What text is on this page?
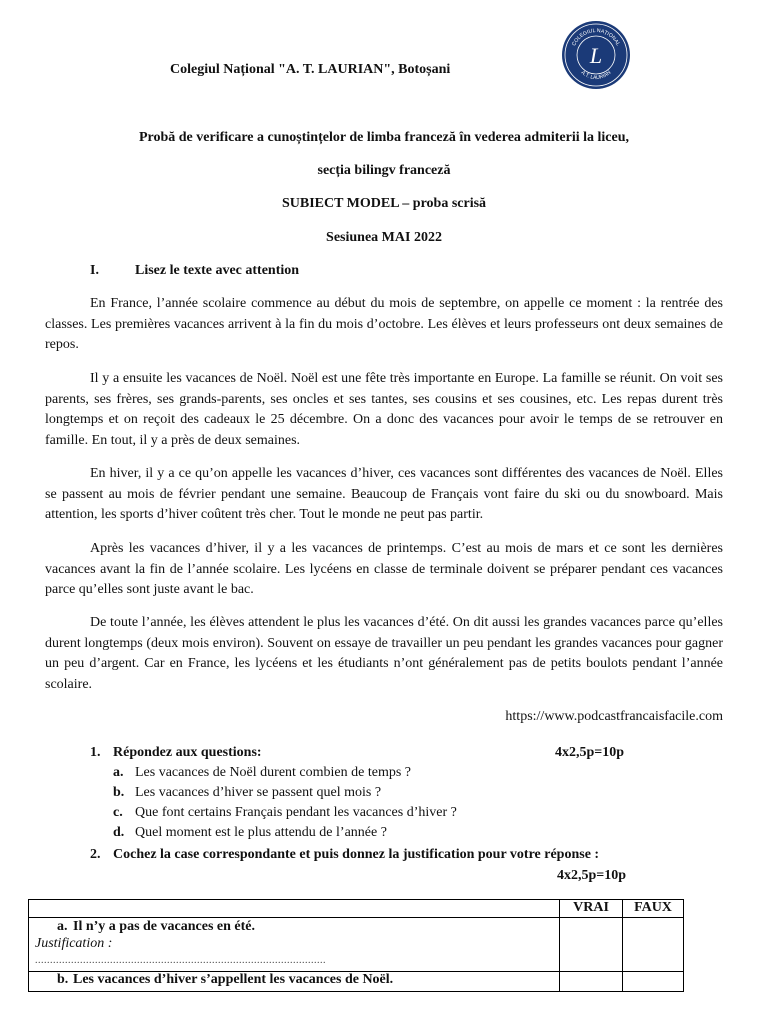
Colegiul Național "A. T. LAURIAN", Botoșani
COLEGIUL NAȚIONAL
A.T. LAURIAN
L
Probă de verificare a cunoștințelor de limba franceză în vederea admiterii la liceu,
secția bilingv franceză
SUBIECT MODEL – proba scrisă
Sesiunea MAI 2022
I.	Lisez le texte avec attention
En France, l’année scolaire commence au début du mois de septembre, on appelle ce moment : la rentrée des classes. Les premières vacances arrivent à la fin du mois d’octobre. Les élèves et leurs professeurs ont deux semaines de repos.
Il y a ensuite les vacances de Noël. Noël est une fête très importante en Europe. La famille se réunit. On voit ses parents, ses frères, ses grands-parents, ses oncles et ses tantes, ses cousins et ses cousines, etc. Les repas durent très longtemps et on reçoit des cadeaux le 25 décembre. On a donc des vacances pour avoir le temps de se retrouver en famille. En tout, il y a près de deux semaines.
En hiver, il y a ce qu’on appelle les vacances d’hiver, ces vacances sont différentes des vacances de Noël. Elles se passent au mois de février pendant une semaine. Beaucoup de Français vont faire du ski ou du snowboard. Mais attention, les sports d’hiver coûtent très cher. Tout le monde ne peut pas partir.
Après les vacances d’hiver, il y a les vacances de printemps. C’est au mois de mars et ce sont les dernières vacances avant la fin de l’année scolaire. Les lycéens en classe de terminale doivent se préparer pendant ces vacances parce qu’elles sont juste avant le bac.
De toute l’année, les élèves attendent le plus les vacances d’été. On dit aussi les grandes vacances parce qu’elles durent longtemps (deux mois environ). Souvent on essaye de travailler un peu pendant les grandes vacances pour gagner un peu d’argent. Car en France, les lycéens et les étudiants n’ont généralement pas de petits boulots pendant l’année scolaire.
https://www.podcastfrancaisfacile.com
1. Répondez aux questions:	4x2,5p=10p
a. Les vacances de Noël durent combien de temps ?
b. Les vacances d’hiver se passent quel mois ?
c. Que font certains Français pendant les vacances d’hiver ?
d. Quel moment est le plus attendu de l’année ?
2. Cochez la case correspondante et puis donnez la justification pour votre réponse :
4x2,5p=10p
	VRAI	FAUX

a. Il n’y a pas de vacances en été.
Justification :
.................................................................................................		

b. Les vacances d’hiver s’appellent les vacances de Noël.		
